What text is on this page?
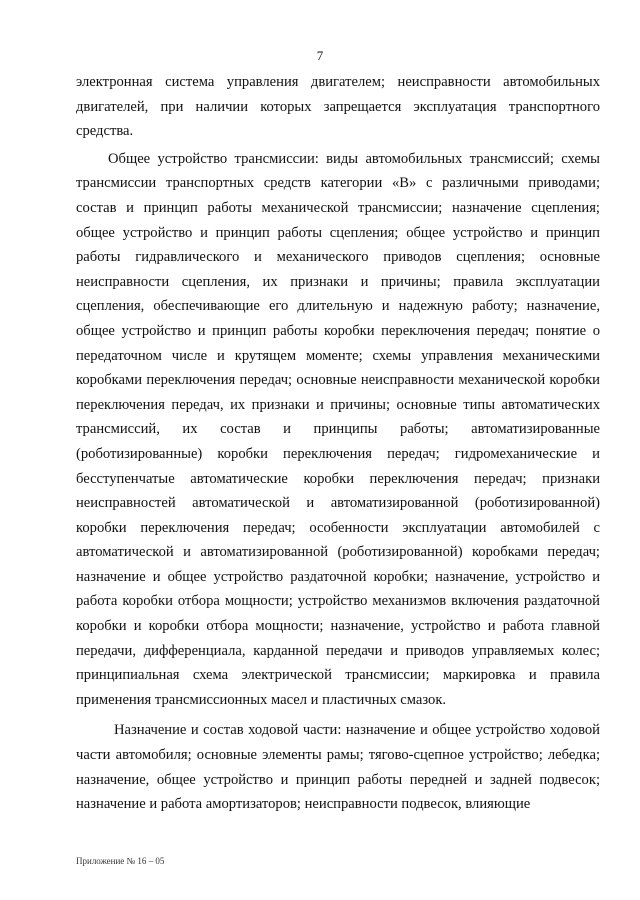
7

электронная система управления двигателем; неисправности автомобильных двигателей, при наличии которых запрещается эксплуатация транспортного средства.

Общее устройство трансмиссии: виды автомобильных трансмиссий; схемы трансмиссии транспортных средств категории «В» с различными приводами; состав и принцип работы механической трансмиссии; назначение сцепления; общее устройство и принцип работы сцепления; общее устройство и принцип работы гидравлического и механического приводов сцепления; основные неисправности сцепления, их признаки и причины; правила эксплуатации сцепления, обеспечивающие его длительную и надежную работу; назначение, общее устройство и принцип работы коробки переключения передач; понятие о передаточном числе и крутящем моменте; схемы управления механическими коробками переключения передач; основные неисправности механической коробки переключения передач, их признаки и причины; основные типы автоматических трансмиссий, их состав и принципы работы; автоматизированные (роботизированные) коробки переключения передач; гидромеханические и бесступенчатые автоматические коробки переключения передач; признаки неисправностей автоматической и автоматизированной (роботизированной) коробки переключения передач; особенности эксплуатации автомобилей с автоматической и автоматизированной (роботизированной) коробками передач; назначение и общее устройство раздаточной коробки; назначение, устройство и работа коробки отбора мощности; устройство механизмов включения раздаточной коробки и коробки отбора мощности; назначение, устройство и работа главной передачи, дифференциала, карданной передачи и приводов управляемых колес; принципиальная схема электрической трансмиссии; маркировка и правила применения трансмиссионных масел и пластичных смазок.

Назначение и состав ходовой части: назначение и общее устройство ходовой части автомобиля; основные элементы рамы; тягово-сцепное устройство; лебедка; назначение, общее устройство и принцип работы передней и задней подвесок; назначение и работа амортизаторов; неисправности подвесок, влияющие

Приложение № 16 – 05
